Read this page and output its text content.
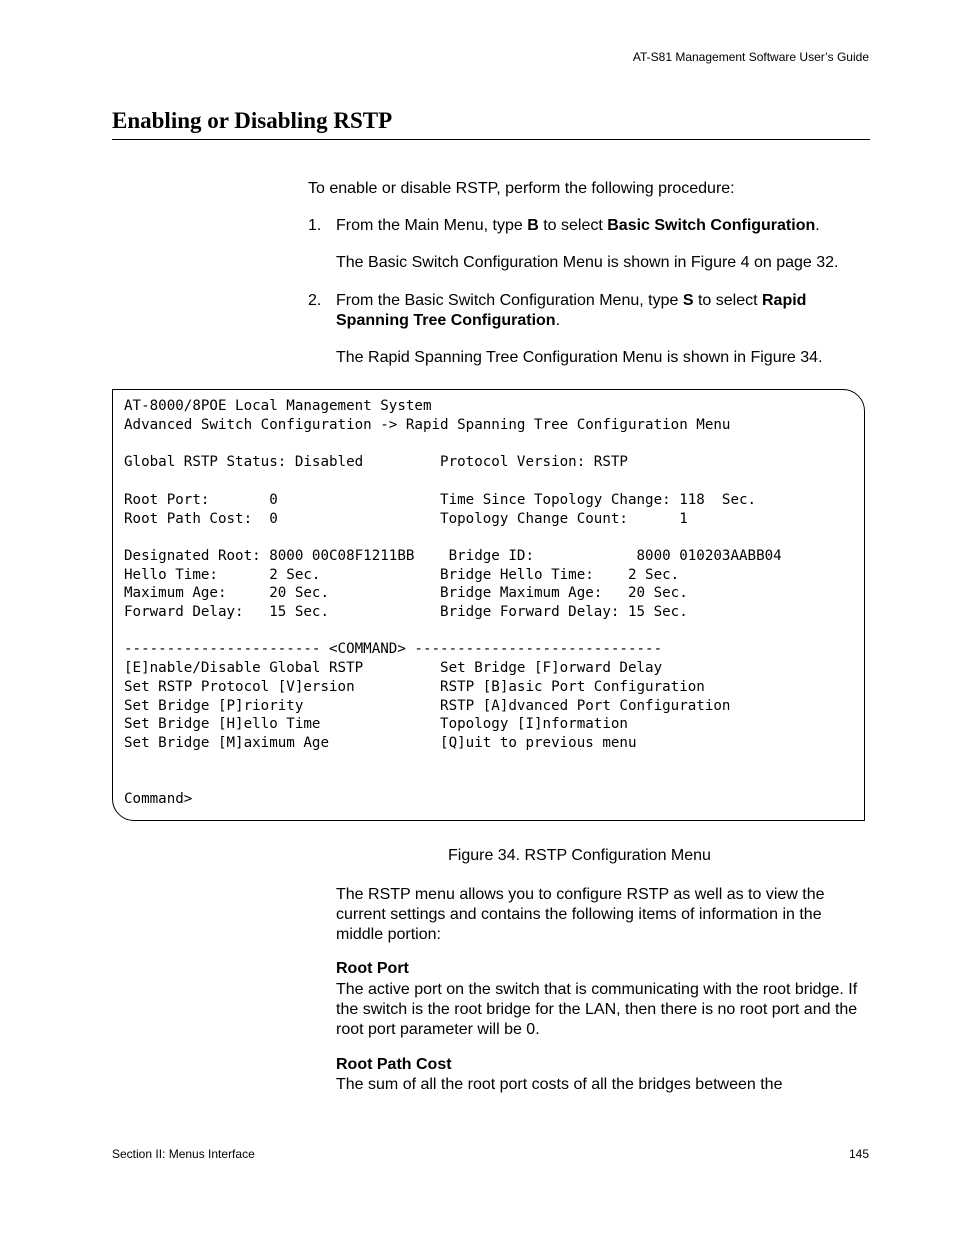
AT-S81 Management Software User’s Guide
Enabling or Disabling RSTP
To enable or disable RSTP, perform the following procedure:
1. From the Main Menu, type B to select Basic Switch Configuration.
The Basic Switch Configuration Menu is shown in Figure 4 on page 32.
2. From the Basic Switch Configuration Menu, type S to select Rapid Spanning Tree Configuration.
The Rapid Spanning Tree Configuration Menu is shown in Figure 34.
AT-8000/8POE Local Management System
Advanced Switch Configuration -> Rapid Spanning Tree Configuration Menu
Global RSTP Status: Disabled         Protocol Version: RSTP
Root Port:       0                   Time Since Topology Change: 118  Sec.
Root Path Cost:  0                   Topology Change Count:      1
Designated Root: 8000 00C08F1211BB    Bridge ID:            8000 010203AABB04
Hello Time:      2 Sec.              Bridge Hello Time:    2 Sec.
Maximum Age:     20 Sec.             Bridge Maximum Age:   20 Sec.
Forward Delay:   15 Sec.             Bridge Forward Delay: 15 Sec.
----------------------- <COMMAND> -----------------------------
[E]nable/Disable Global RSTP         Set Bridge [F]orward Delay
Set RSTP Protocol [V]ersion          RSTP [B]asic Port Configuration
Set Bridge [P]riority                RSTP [A]dvanced Port Configuration
Set Bridge [H]ello Time              Topology [I]nformation
Set Bridge [M]aximum Age             [Q]uit to previous menu
Command>
Figure 34. RSTP Configuration Menu
The RSTP menu allows you to configure RSTP as well as to view the current settings and contains the following items of information in the middle portion:
Root Port
The active port on the switch that is communicating with the root bridge. If the switch is the root bridge for the LAN, then there is no root port and the root port parameter will be 0.
Root Path Cost
The sum of all the root port costs of all the bridges between the
Section II: Menus Interface	145
